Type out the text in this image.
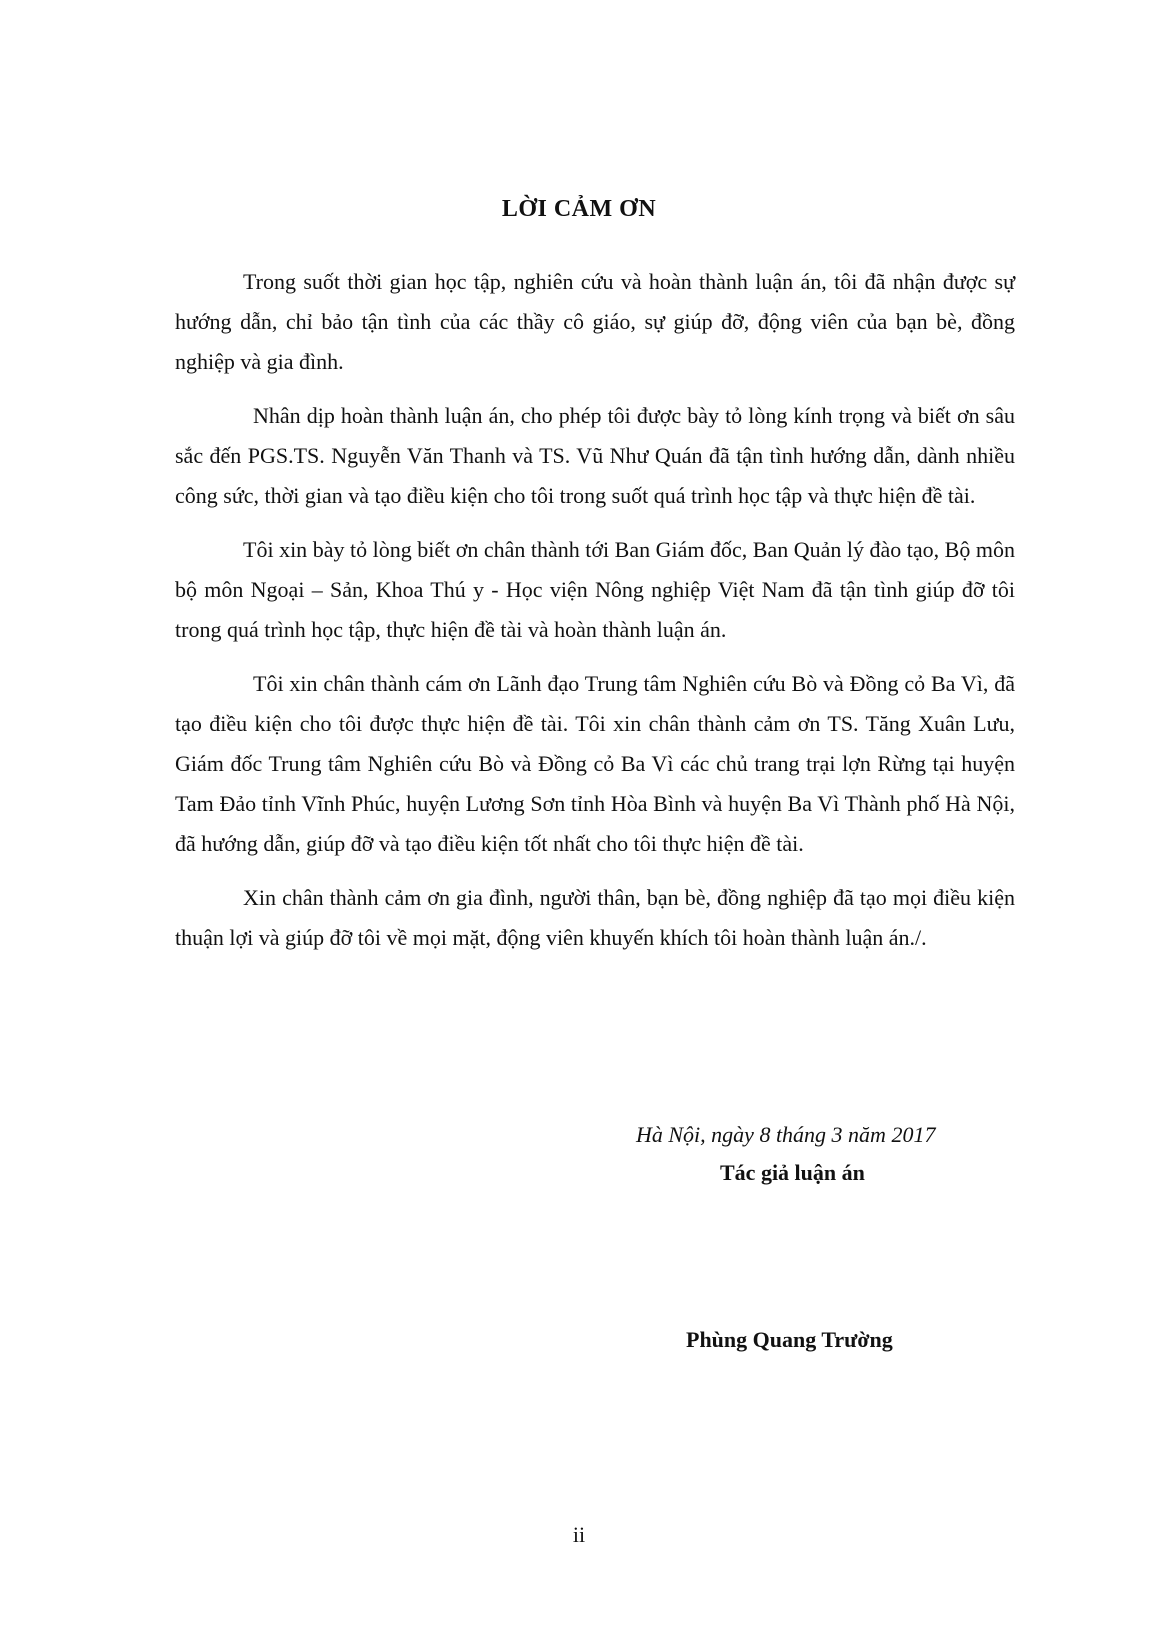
LỜI CẢM ƠN

Trong suốt thời gian học tập, nghiên cứu và hoàn thành luận án, tôi đã nhận được sự hướng dẫn, chỉ bảo tận tình của các thầy cô giáo, sự giúp đỡ, động viên của bạn bè, đồng nghiệp và gia đình.

Nhân dịp hoàn thành luận án, cho phép tôi được bày tỏ lòng kính trọng và biết ơn sâu sắc đến PGS.TS. Nguyễn Văn Thanh và TS. Vũ Như Quán đã tận tình hướng dẫn, dành nhiều công sức, thời gian và tạo điều kiện cho tôi trong suốt quá trình học tập và thực hiện đề tài.

Tôi xin bày tỏ lòng biết ơn chân thành tới Ban Giám đốc, Ban Quản lý đào tạo, Bộ môn bộ môn Ngoại – Sản, Khoa Thú y - Học viện Nông nghiệp Việt Nam đã tận tình giúp đỡ tôi trong quá trình học tập, thực hiện đề tài và hoàn thành luận án.

Tôi xin chân thành cám ơn Lãnh đạo Trung tâm Nghiên cứu Bò và Đồng cỏ Ba Vì, đã tạo điều kiện cho tôi được thực hiện đề tài. Tôi xin chân thành cảm ơn TS. Tăng Xuân Lưu, Giám đốc Trung tâm Nghiên cứu Bò và Đồng cỏ Ba Vì các chủ trang trại lợn Rừng tại huyện Tam Đảo tỉnh Vĩnh Phúc, huyện Lương Sơn tỉnh Hòa Bình và huyện Ba Vì Thành phố Hà Nội, đã hướng dẫn, giúp đỡ và tạo điều kiện tốt nhất cho tôi thực hiện đề tài.

Xin chân thành cảm ơn gia đình, người thân, bạn bè, đồng nghiệp đã tạo mọi điều kiện thuận lợi và giúp đỡ tôi về mọi mặt, động viên khuyến khích tôi hoàn thành luận án./.

Hà Nội, ngày 8 tháng 3 năm 2017
Tác giả luận án
Phùng Quang Trường
ii
